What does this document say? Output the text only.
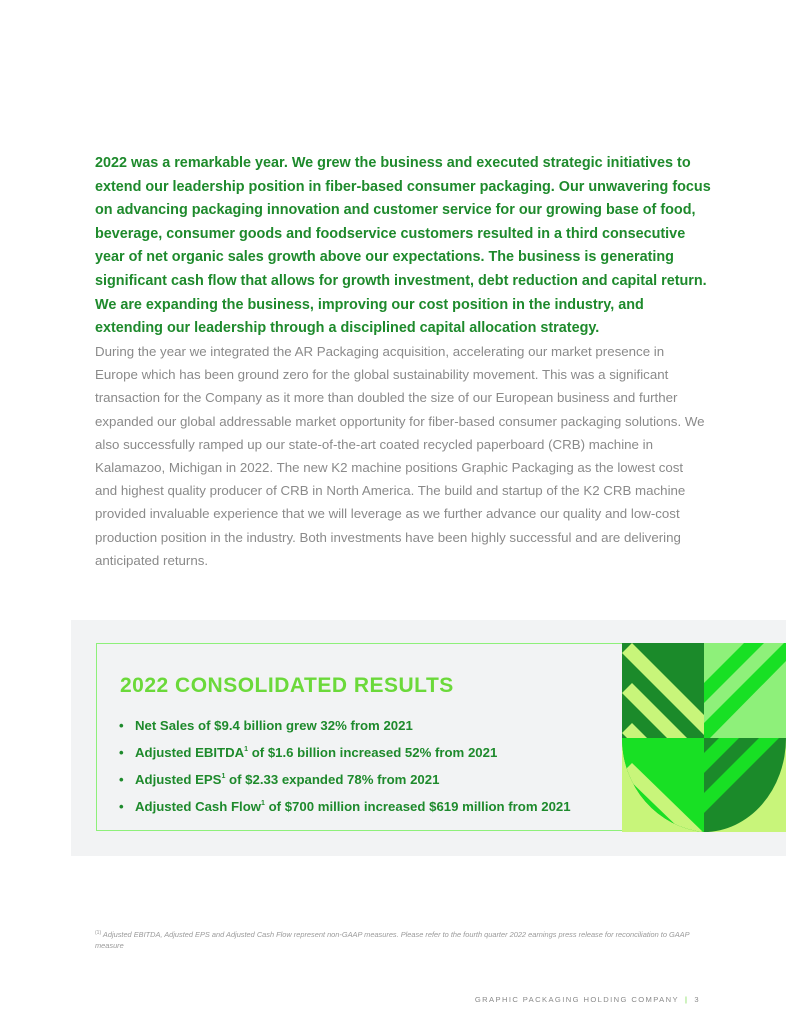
2022 was a remarkable year. We grew the business and executed strategic initiatives to extend our leadership position in fiber-based consumer packaging. Our unwavering focus on advancing packaging innovation and customer service for our growing base of food, beverage, consumer goods and foodservice customers resulted in a third consecutive year of net organic sales growth above our expectations. The business is generating significant cash flow that allows for growth investment, debt reduction and capital return. We are expanding the business, improving our cost position in the industry, and extending our leadership through a disciplined capital allocation strategy.

During the year we integrated the AR Packaging acquisition, accelerating our market presence in Europe which has been ground zero for the global sustainability movement. This was a significant transaction for the Company as it more than doubled the size of our European business and further expanded our global addressable market opportunity for fiber-based consumer packaging solutions. We also successfully ramped up our state-of-the-art coated recycled paperboard (CRB) machine in Kalamazoo, Michigan in 2022. The new K2 machine positions Graphic Packaging as the lowest cost and highest quality producer of CRB in North America. The build and startup of the K2 CRB machine provided invaluable experience that we will leverage as we further advance our quality and low-cost production position in the industry. Both investments have been highly successful and are delivering anticipated returns.

2022 CONSOLIDATED RESULTS
• Net Sales of $9.4 billion grew 32% from 2021
• Adjusted EBITDA$^1$ of $1.6 billion increased 52% from 2021
• Adjusted EPS$^1$ of $2.33 expanded 78% from 2021
• Adjusted Cash Flow$^1$ of $700 million increased $619 million from 2021

$^{(1)}$ Adjusted EBITDA, Adjusted EPS and Adjusted Cash Flow represent non-GAAP measures. Please refer to the fourth quarter 2022 earnings press release for reconciliation to GAAP measure

GRAPHIC PACKAGING HOLDING COMPANY | 3
